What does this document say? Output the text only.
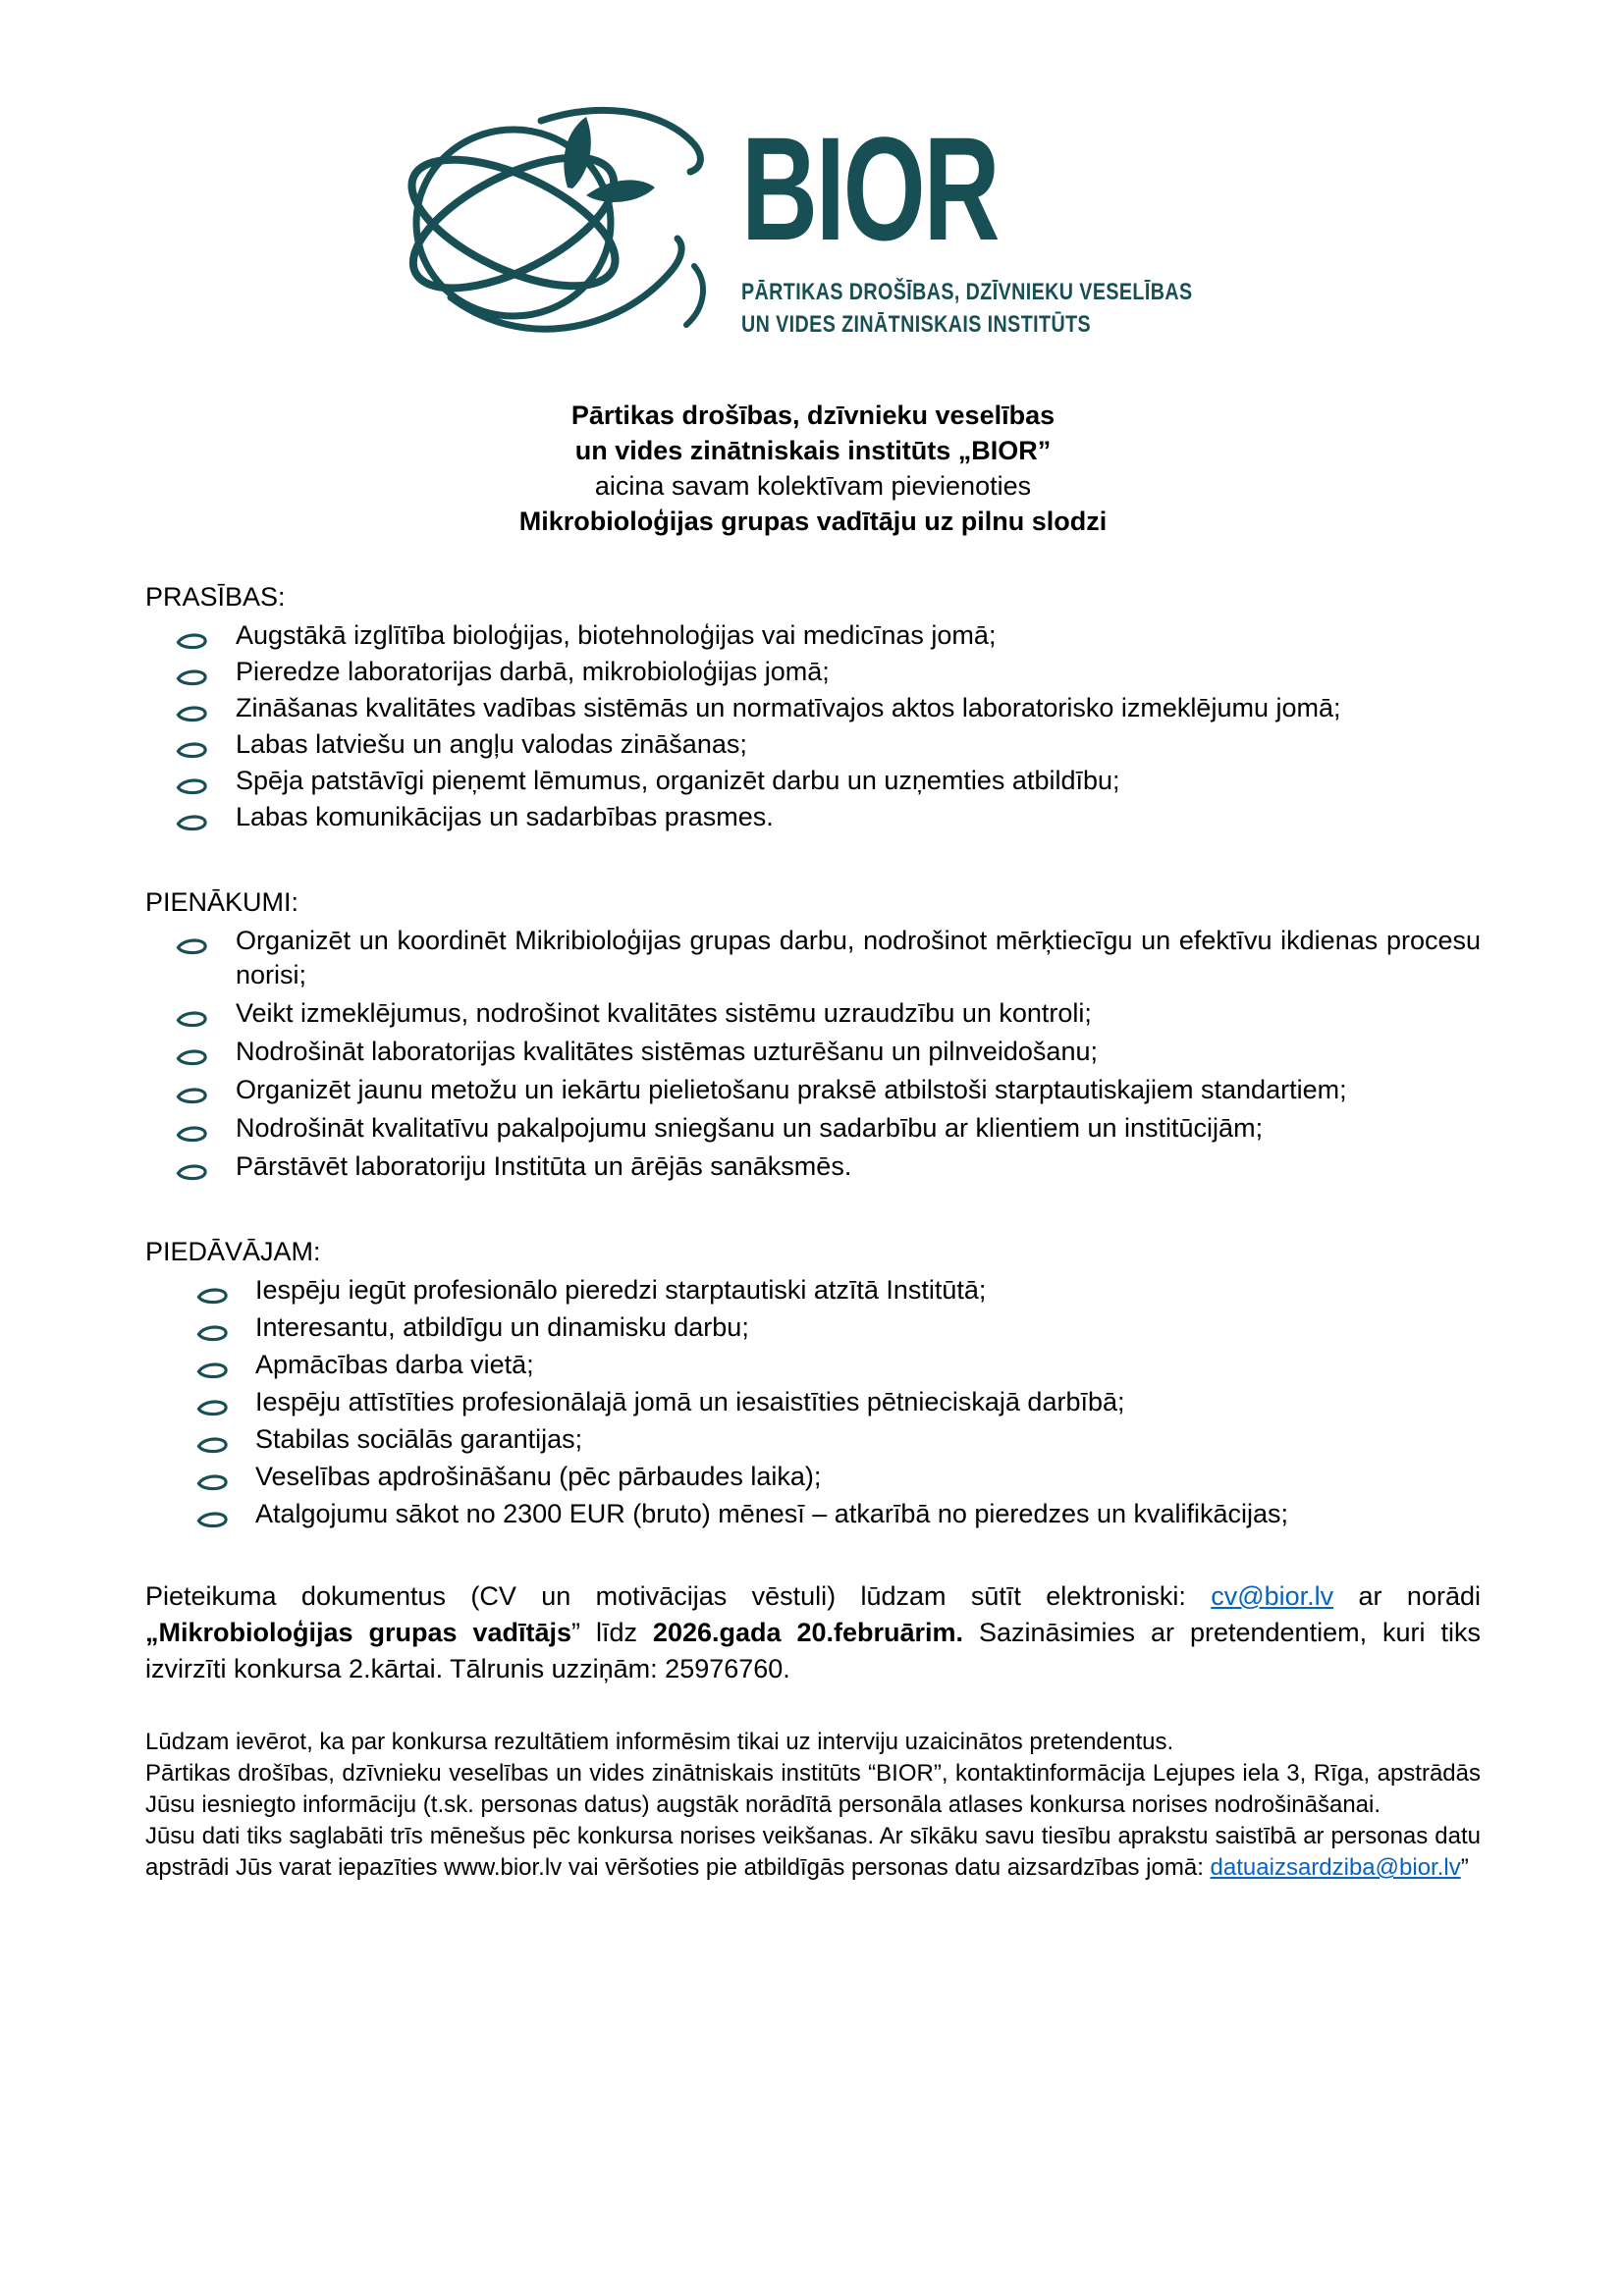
BIOR
PĀRTIKAS DROŠĪBAS, DZĪVNIEKU VESELĪBAS
UN VIDES ZINĀTNISKAIS INSTITŪTS
Pārtikas drošības, dzīvnieku veselības
un vides zinātniskais institūts „BIOR”
aicina savam kolektīvam pievienoties
Mikrobioloģijas grupas vadītāju uz pilnu slodzi
PRASĪBAS:
Augstākā izglītība bioloģijas, biotehnoloģijas vai medicīnas jomā;
Pieredze laboratorijas darbā, mikrobioloģijas jomā;
Zināšanas kvalitātes vadības sistēmās un normatīvajos aktos laboratorisko izmeklējumu jomā;
Labas latviešu un angļu valodas zināšanas;
Spēja patstāvīgi pieņemt lēmumus, organizēt darbu un uzņemties atbildību;
Labas komunikācijas un sadarbības prasmes.
PIENĀKUMI:
Organizēt un koordinēt Mikribioloģijas grupas darbu, nodrošinot mērķtiecīgu un efektīvu ikdienas procesu norisi;
Veikt izmeklējumus, nodrošinot kvalitātes sistēmu uzraudzību un kontroli;
Nodrošināt laboratorijas kvalitātes sistēmas uzturēšanu un pilnveidošanu;
Organizēt jaunu metožu un iekārtu pielietošanu praksē atbilstoši starptautiskajiem standartiem;
Nodrošināt kvalitatīvu pakalpojumu sniegšanu un sadarbību ar klientiem un institūcijām;
Pārstāvēt laboratoriju Institūta un ārējās sanāksmēs.
PIEDĀVĀJAM:
Iespēju iegūt profesionālo pieredzi starptautiski atzītā Institūtā;
Interesantu, atbildīgu un dinamisku darbu;
Apmācības darba vietā;
Iespēju attīstīties profesionālajā jomā un iesaistīties pētnieciskajā darbībā;
Stabilas sociālās garantijas;
Veselības apdrošināšanu (pēc pārbaudes laika);
Atalgojumu sākot no 2300 EUR (bruto) mēnesī – atkarībā no pieredzes un kvalifikācijas;

Pieteikuma dokumentus (CV un motivācijas vēstuli) lūdzam sūtīt elektroniski: cv@bior.lv ar norādi „Mikrobioloģijas grupas vadītājs” līdz 2026.gada 20.februārim. Sazināsimies ar pretendentiem, kuri tiks izvirzīti konkursa 2.kārtai. Tālrunis uzziņām: 25976760.

Lūdzam ievērot, ka par konkursa rezultātiem informēsim tikai uz interviju uzaicinātos pretendentus.

Pārtikas drošības, dzīvnieku veselības un vides zinātniskais institūts “BIOR”, kontaktinformācija Lejupes iela 3, Rīga, apstrādās Jūsu iesniegto informāciju (t.sk. personas datus) augstāk norādītā personāla atlases konkursa norises nodrošināšanai.

Jūsu dati tiks saglabāti trīs mēnešus pēc konkursa norises veikšanas. Ar sīkāku savu tiesību aprakstu saistībā ar personas datu apstrādi Jūs varat iepazīties www.bior.lv vai vēršoties pie atbildīgās personas datu aizsardzības jomā: datuaizsardziba@bior.lv”
